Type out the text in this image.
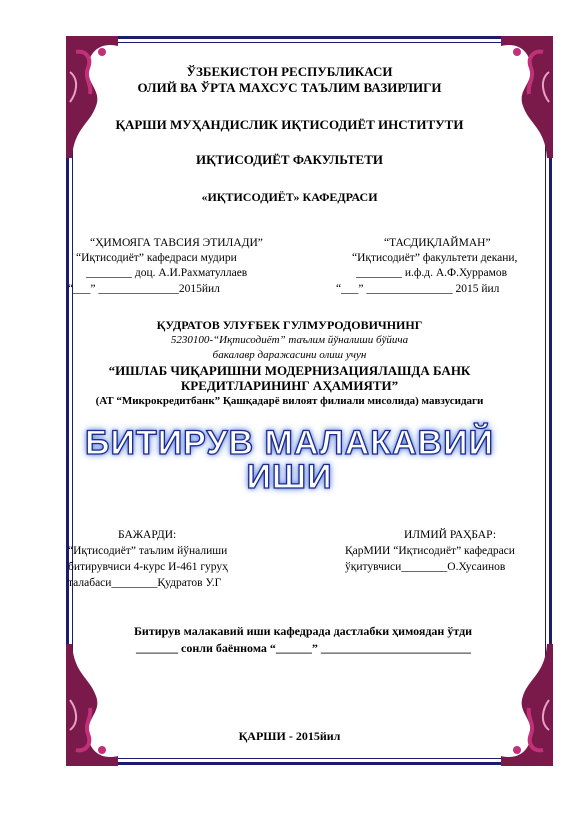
ЎЗБЕКИСТОН РЕСПУБЛИКАСИ
ОЛИЙ ВА ЎРТА МАХСУС ТАЪЛИМ ВАЗИРЛИГИ
ҚАРШИ МУҲАНДИСЛИК ИҚТИСОДИЁТ ИНСТИТУТИ
ИҚТИСОДИЁТ ФАКУЛЬТЕТИ
«ИҚТИСОДИЁТ» КАФЕДРАСИ
“ҲИМОЯГА ТАВСИЯ ЭТИЛАДИ”
“Иқтисодиёт” кафедраси мудири
________ доц. А.И.Рахматуллаев
“___” ______________2015йил
“ТАСДИҚЛАЙМАН”
“Иқтисодиёт” факультети декани,
________ и.ф.д. А.Ф.Хуррамов
“___” _______________ 2015 йил
ҚУДРАТОВ УЛУҒБЕК ГУЛМУРОДОВИЧНИНГ
5230100-“Иқтисодиёт” таълим йўналиши бўйича
бакалавр даражасини олиш учун
“ИШЛАБ ЧИҚАРИШНИ МОДЕРНИЗАЦИЯЛАШДА БАНК
КРЕДИТЛАРИНИНГ АҲАМИЯТИ”
(АТ “Микрокредитбанк” Қашқадарё вилоят филиали мисолида) мавзусидаги
БИТИРУВ МАЛАКАВИЙ
ИШИ
БАЖАРДИ:
“Иқтисодиёт” таълим йўналиши
битирувчиси 4-курс И-461 гуруҳ
талабаси________Қудратов У.Г
ИЛМИЙ РАҲБАР:
ҚарМИИ “Иқтисодиёт” кафедраси
ўқитувчиси________О.Хусаинов
Битирув малакавий иши кафедрада дастлабки ҳимоядан ўтди
_______ сонли баённома “______” _________________________
ҚАРШИ - 2015йил
